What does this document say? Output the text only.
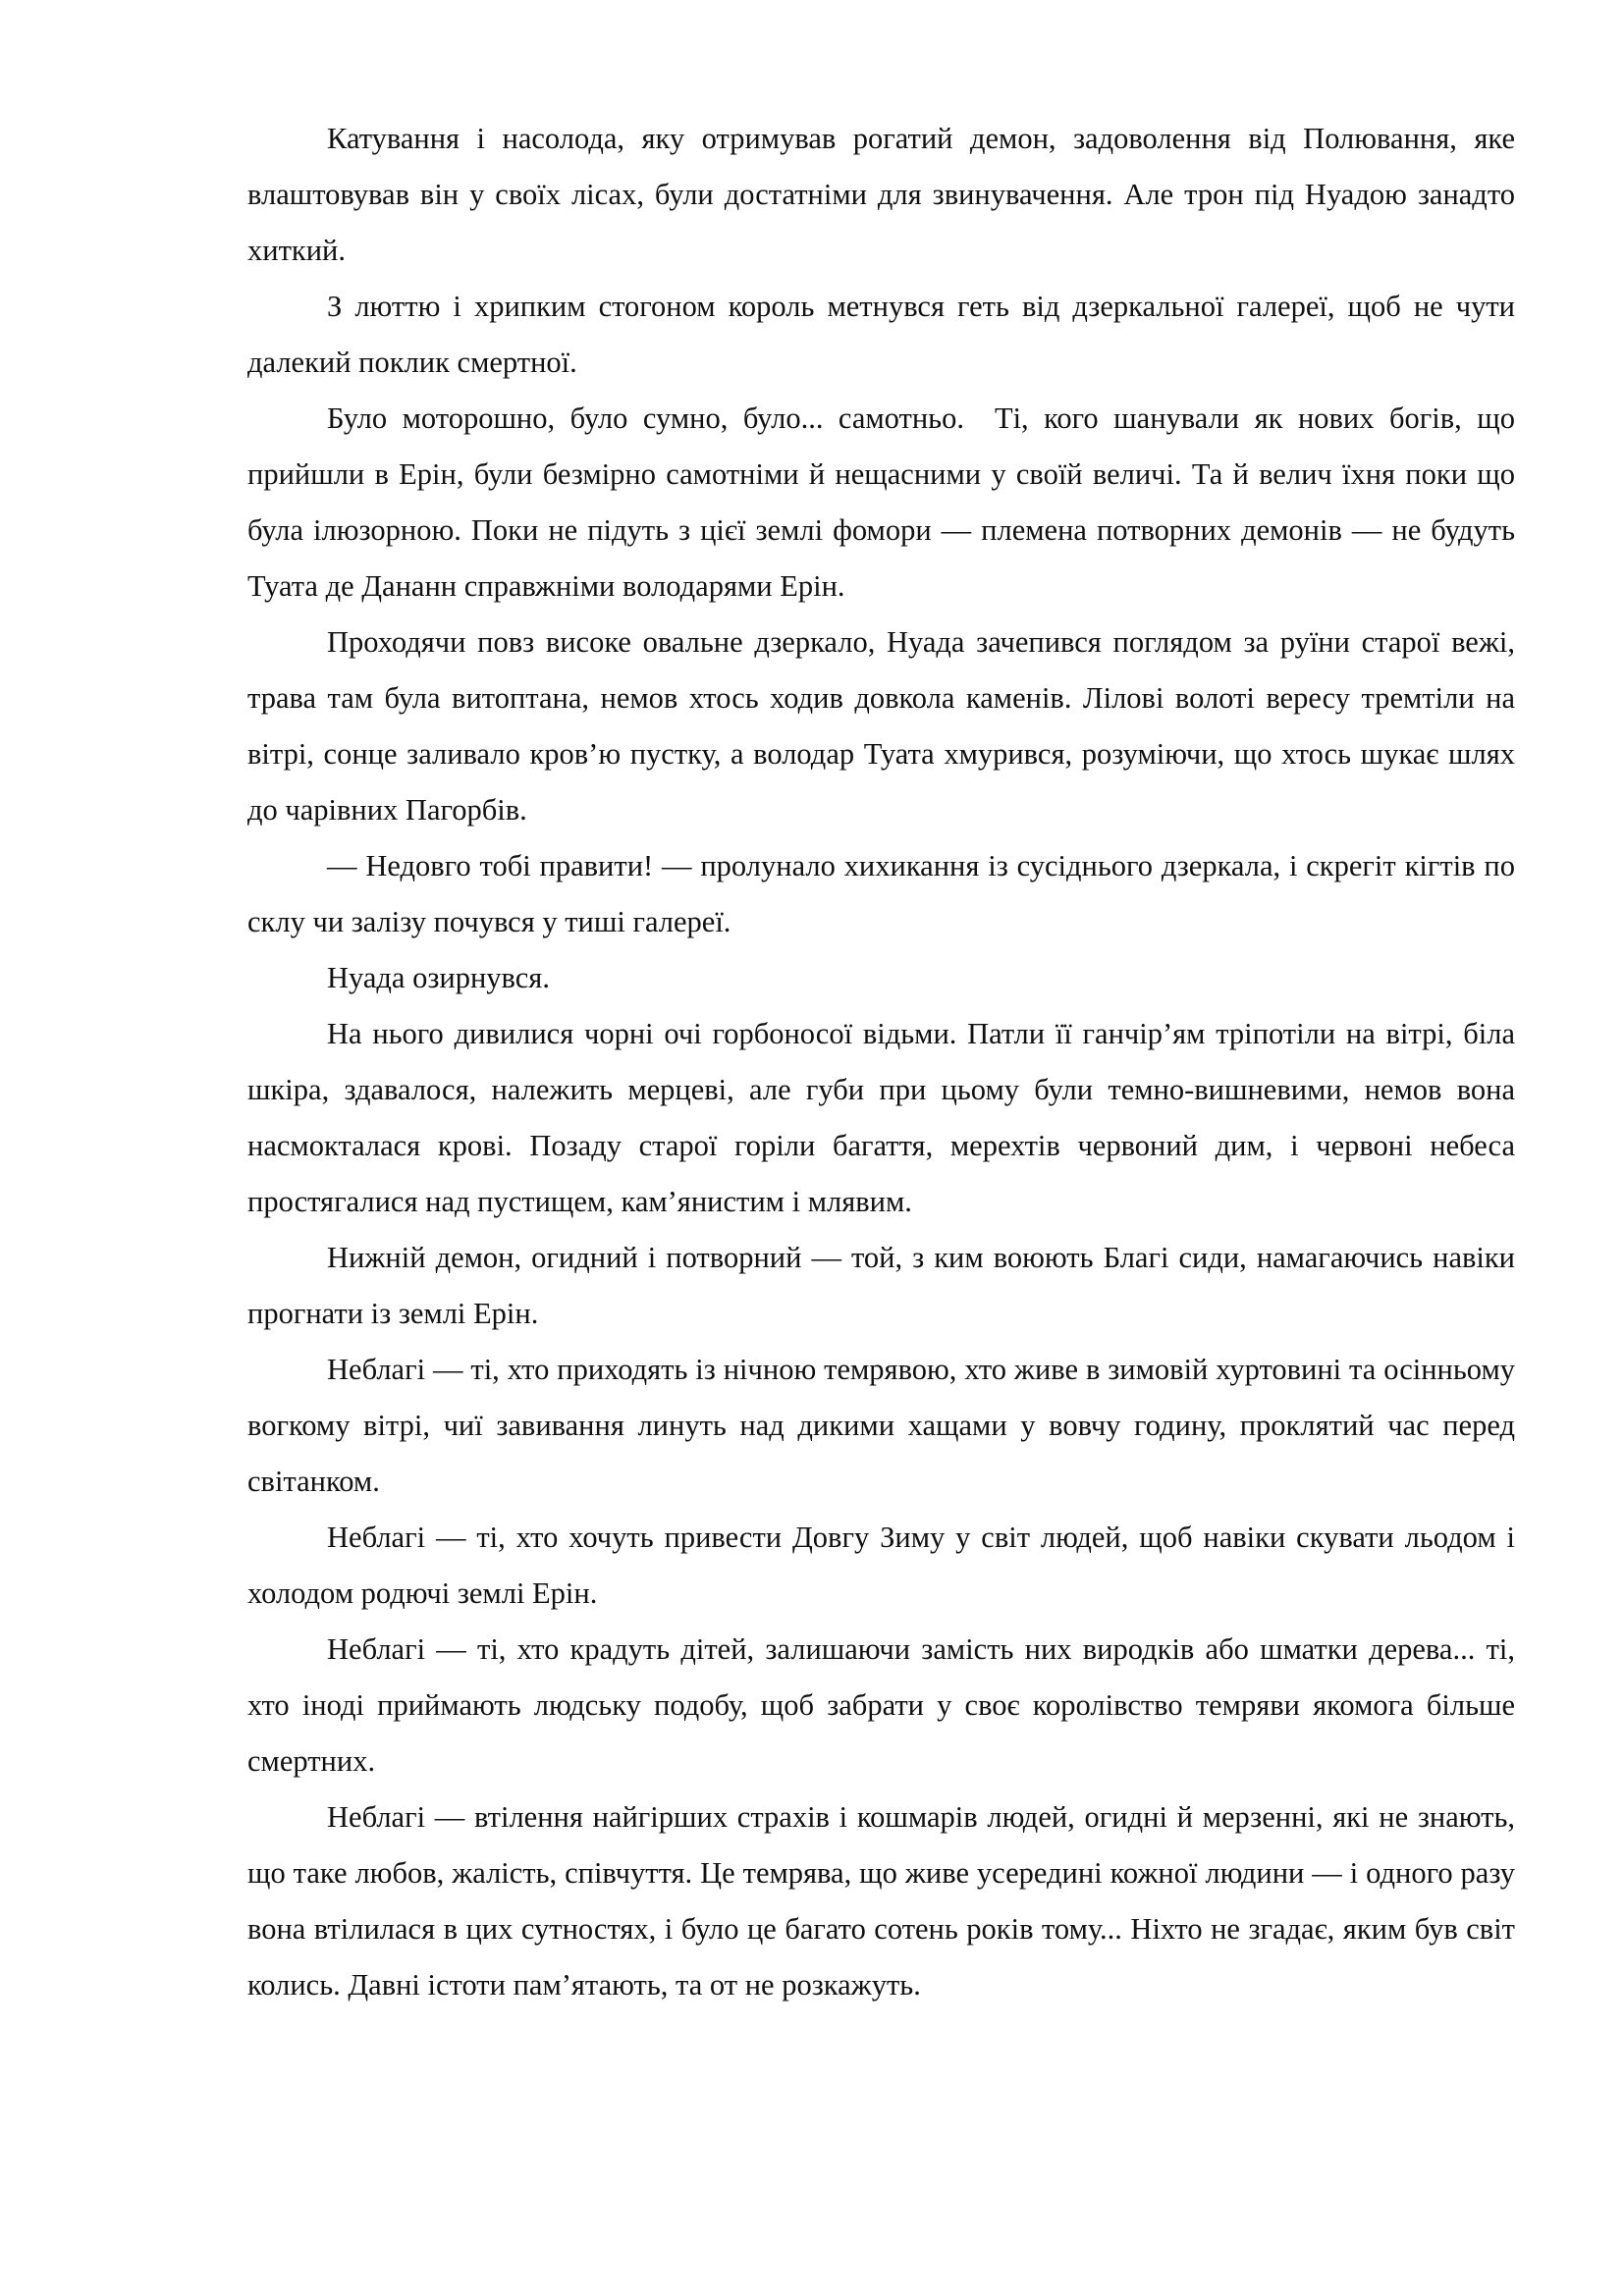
Катування і насолода, яку отримував рогатий демон, задоволення від Полювання, яке влаштовував він у своїх лісах, були достатніми для звинувачення. Але трон під Нуадою занадто хиткий.

З люттю і хрипким стогоном король метнувся геть від дзеркальної галереї, щоб не чути далекий поклик смертної.

Було моторошно, було сумно, було... самотньо.  Ті, кого шанували як нових богів, що прийшли в Ерін, були безмірно самотніми й нещасними у своїй величі. Та й велич їхня поки що була ілюзорною. Поки не підуть з цієї землі фомори — племена потворних демонів — не будуть Туата де Дананн справжніми володарями Ерін.

Проходячи повз високе овальне дзеркало, Нуада зачепився поглядом за руїни старої вежі, трава там була витоптана, немов хтось ходив довкола каменів. Лілові волоті вересу тремтіли на вітрі, сонце заливало кров’ю пустку, а володар Туата хмурився, розуміючи, що хтось шукає шлях до чарівних Пагорбів.

— Недовго тобі правити! — пролунало хихикання із сусіднього дзеркала, і скрегіт кігтів по склу чи залізу почувся у тиші галереї.

Нуада озирнувся.

На нього дивилися чорні очі горбоносої відьми. Патли її ганчір’ям тріпотіли на вітрі, біла шкіра, здавалося, належить мерцеві, але губи при цьому були темно-вишневими, немов вона насмокталася крові. Позаду старої горіли багаття, мерехтів червоний дим, і червоні небеса простягалися над пустищем, кам’янистим і млявим.

Нижній демон, огидний і потворний — той, з ким воюють Благі сиди, намагаючись навіки прогнати із землі Ерін.

Неблагі — ті, хто приходять із нічною темрявою, хто живе в зимовій хуртовині та осінньому вогкому вітрі, чиї завивання линуть над дикими хащами у вовчу годину, проклятий час перед світанком.

Неблагі — ті, хто хочуть привести Довгу Зиму у світ людей, щоб навіки скувати льодом і холодом родючі землі Ерін.

Неблагі — ті, хто крадуть дітей, залишаючи замість них виродків або шматки дерева... ті, хто іноді приймають людську подобу, щоб забрати у своє королівство темряви якомога більше смертних.

Неблагі — втілення найгірших страхів і кошмарів людей, огидні й мерзенні, які не знають, що таке любов, жалість, співчуття. Це темрява, що живе усередині кожної людини — і одного разу вона втілилася в цих сутностях, і було це багато сотень років тому... Ніхто не згадає, яким був світ колись. Давні істоти пам’ятають, та от не розкажуть.
